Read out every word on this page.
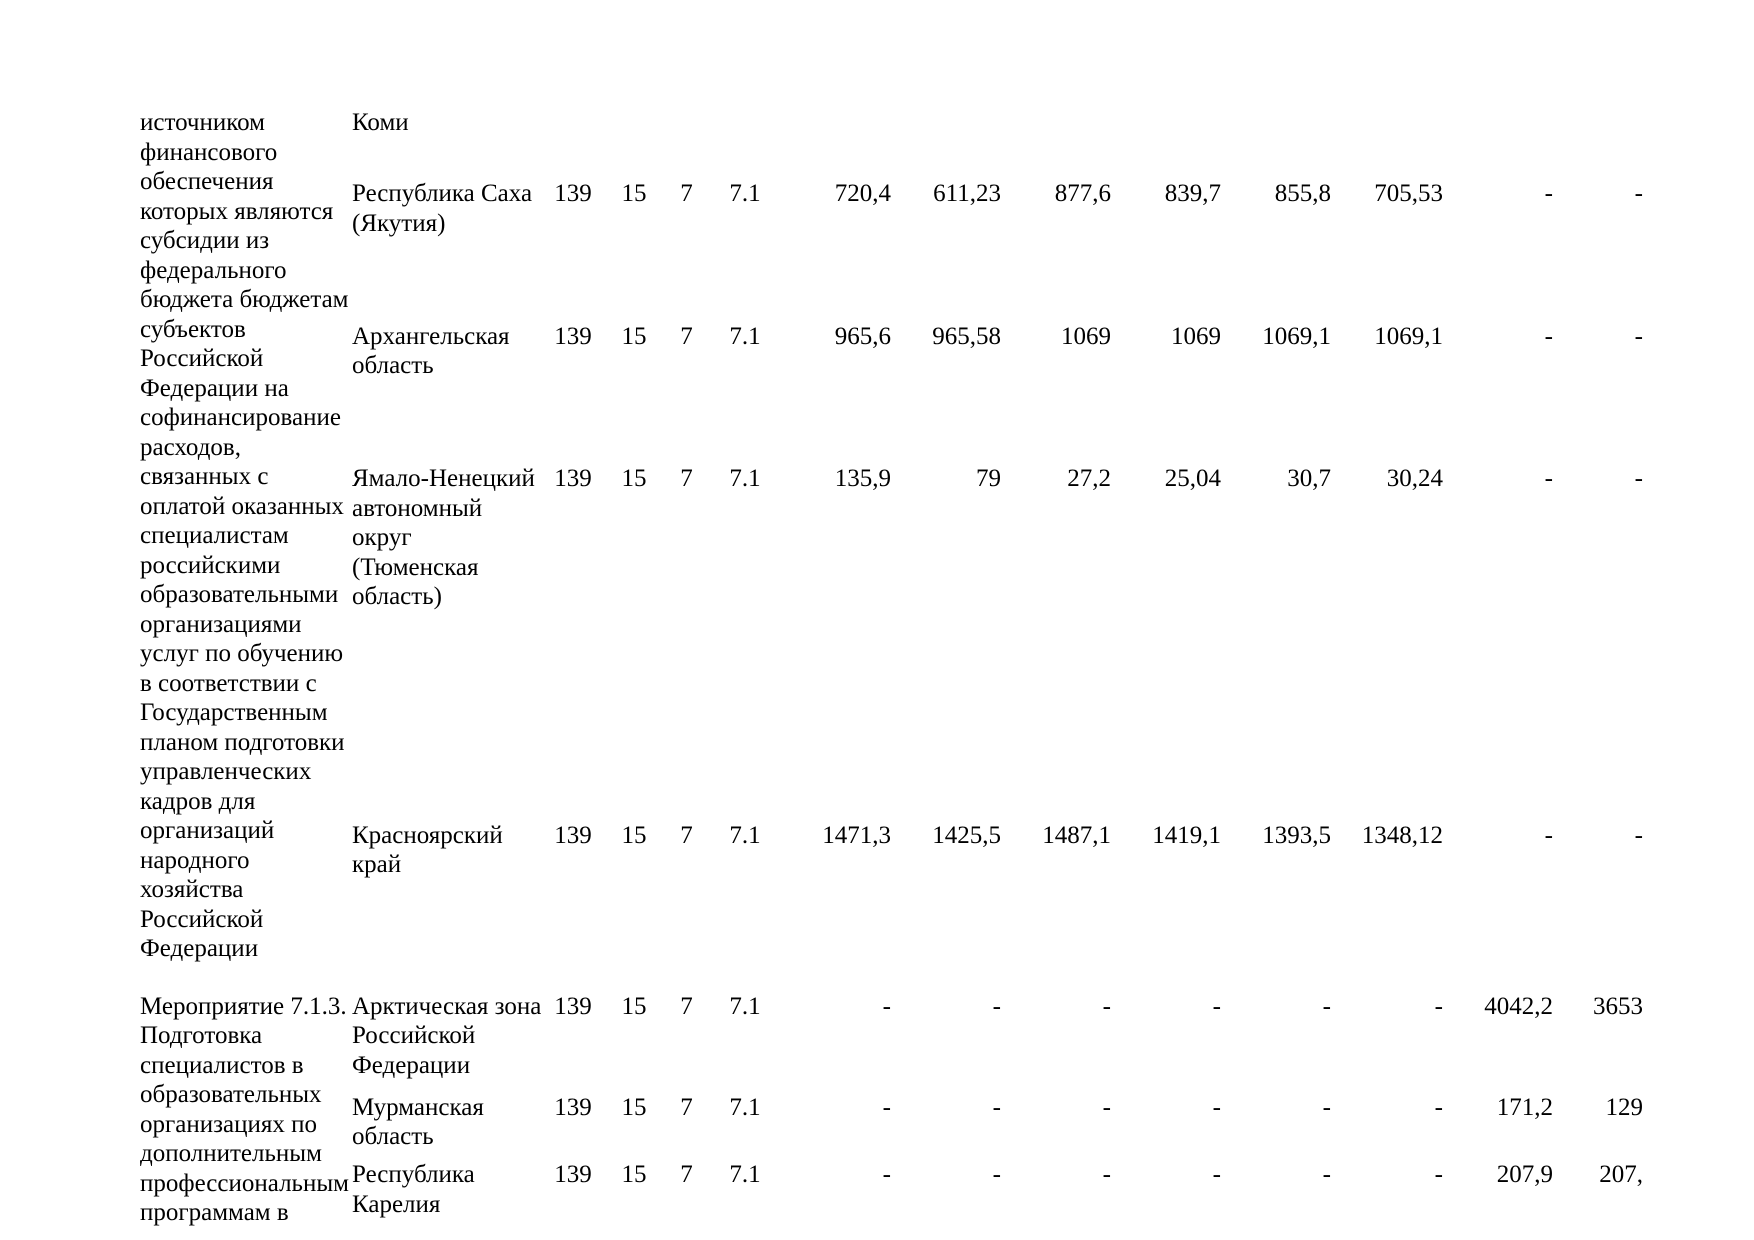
источником финансового обеспечения которых являются субсидии из федерального бюджета бюджетам субъектов Российской Федерации на софинансирование расходов, связанных с оплатой оказанных специалистам российскими образовательными организациями услуг по обучению в соответствии с Государственным планом подготовки управленческих кадров для организаций народного хозяйства Российской Федерации	Коми												
	Республика Саха (Якутия)	139	15	7	7.1	720,4	611,23	877,6	839,7	855,8	705,53	-	-
	Архангельская область	139	15	7	7.1	965,6	965,58	1069	1069	1069,1	1069,1	-	-
	Ямало-Ненецкий автономный округ (Тюменская область)	139	15	7	7.1	135,9	79	27,2	25,04	30,7	30,24	-	-
	Красноярский край	139	15	7	7.1	1471,3	1425,5	1487,1	1419,1	1393,5	1348,12	-	-

Мероприятие 7.1.3. Подготовка специалистов в образовательных организациях по дополнительным профессиональным программам в	Арктическая зона Российской Федерации	139	15	7	7.1	-	-	-	-	-	-	4042,2	3653
	Мурманская область	139	15	7	7.1	-	-	-	-	-	-	171,2	129
	Республика Карелия	139	15	7	7.1	-	-	-	-	-	-	207,9	207,
